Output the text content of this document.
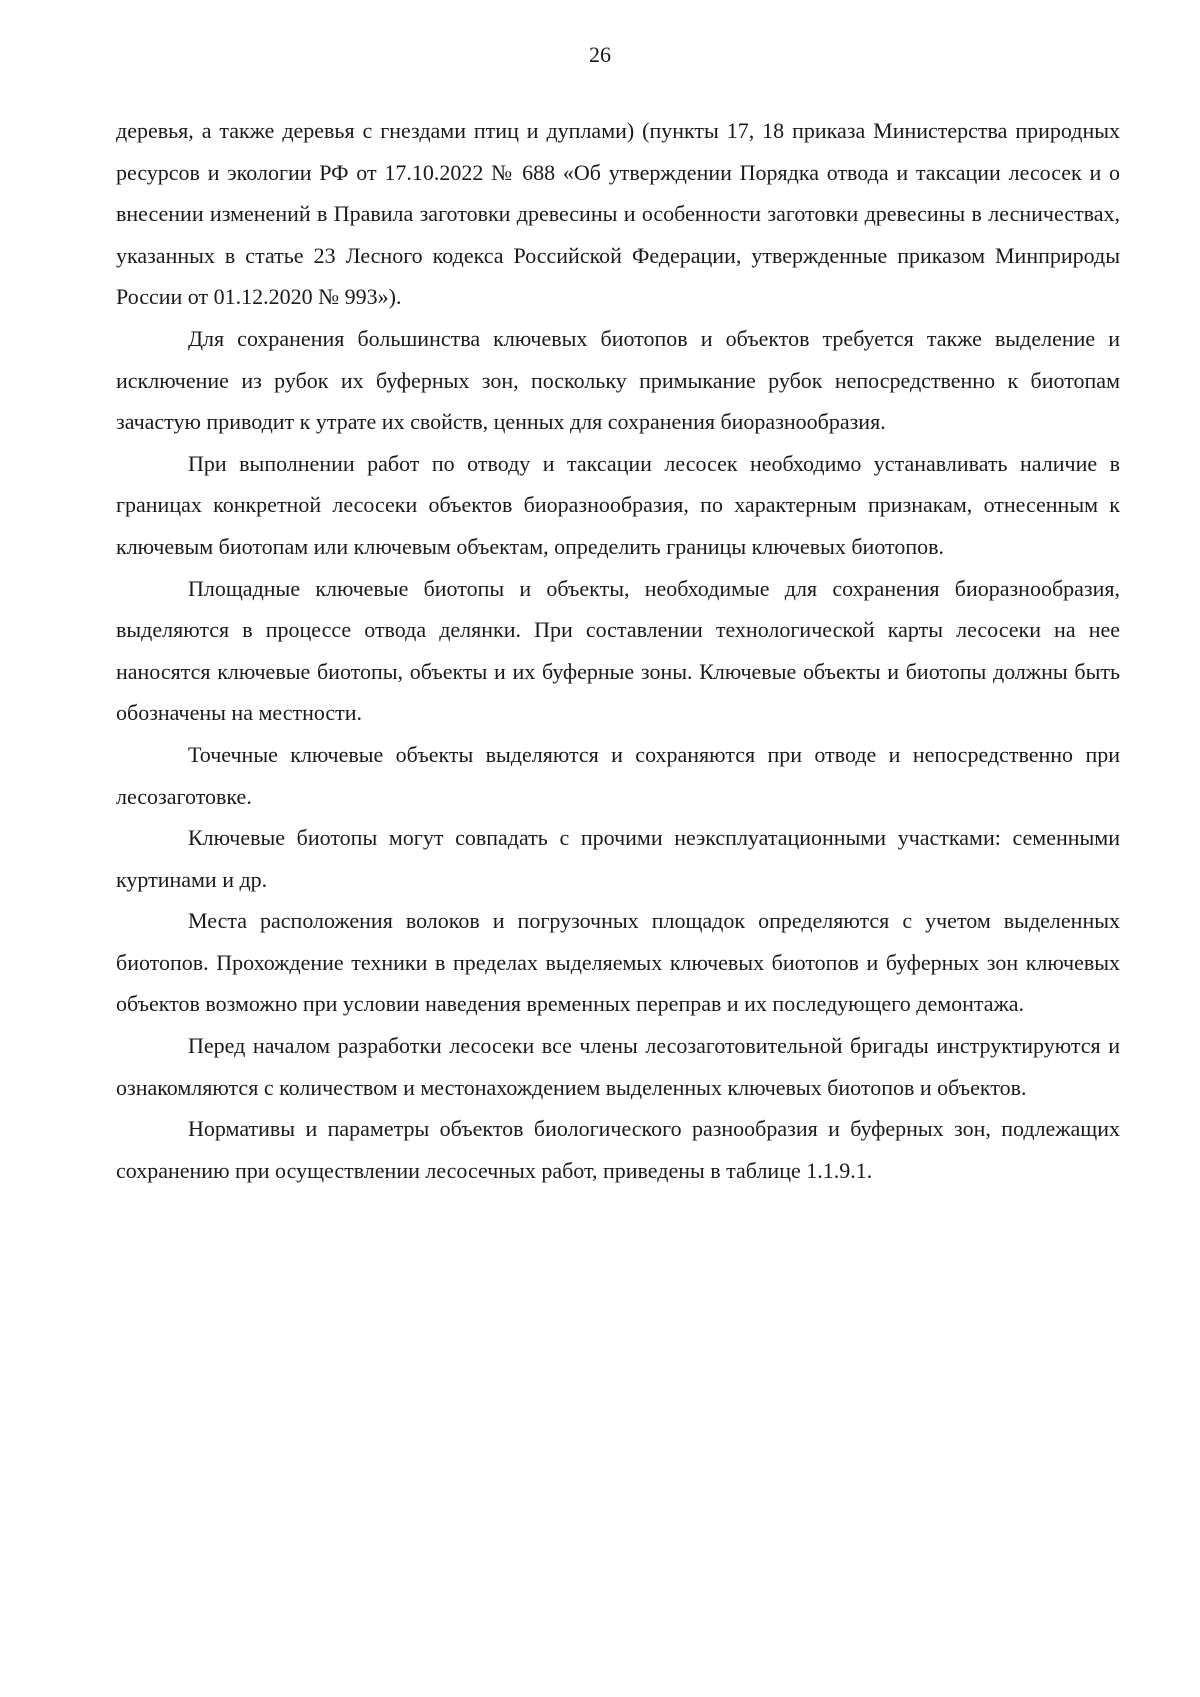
26

деревья, а также деревья с гнездами птиц и дуплами) (пункты 17, 18 приказа Министерства природных ресурсов и экологии РФ от 17.10.2022 № 688 «Об утверждении Порядка отвода и таксации лесосек и о внесении изменений в Правила заготовки древесины и особенности заготовки древесины в лесничествах, указанных в статье 23 Лесного кодекса Российской Федерации, утвержденные приказом Минприроды России от 01.12.2020 № 993»).

Для сохранения большинства ключевых биотопов и объектов требуется также выделение и исключение из рубок их буферных зон, поскольку примыкание рубок непосредственно к биотопам зачастую приводит к утрате их свойств, ценных для сохранения биоразнообразия.

При выполнении работ по отводу и таксации лесосек необходимо устанавливать наличие в границах конкретной лесосеки объектов биоразнообразия, по характерным признакам, отнесенным к ключевым биотопам или ключевым объектам, определить границы ключевых биотопов.

Площадные ключевые биотопы и объекты, необходимые для сохранения биоразнообразия, выделяются в процессе отвода делянки. При составлении технологической карты лесосеки на нее наносятся ключевые биотопы, объекты и их буферные зоны. Ключевые объекты и биотопы должны быть обозначены на местности.

Точечные ключевые объекты выделяются и сохраняются при отводе и непосредственно при лесозаготовке.

Ключевые биотопы могут совпадать с прочими неэксплуатационными участками: семенными куртинами и др.

Места расположения волоков и погрузочных площадок определяются с учетом выделенных биотопов. Прохождение техники в пределах выделяемых ключевых биотопов и буферных зон ключевых объектов возможно при условии наведения временных переправ и их последующего демонтажа.

Перед началом разработки лесосеки все члены лесозаготовительной бригады инструктируются и ознакомляются с количеством и местонахождением выделенных ключевых биотопов и объектов.

Нормативы и параметры объектов биологического разнообразия и буферных зон, подлежащих сохранению при осуществлении лесосечных работ, приведены в таблице 1.1.9.1.
